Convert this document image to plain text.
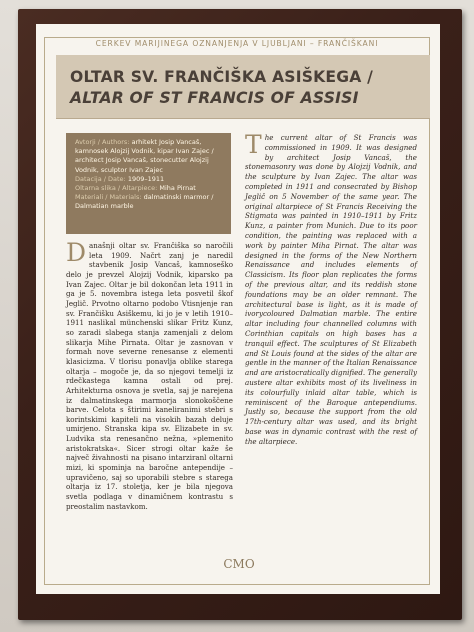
CERKEV MARIJINEGA OZNANJENJA V LJUBLJANI – FRANČIŠKANI
OLTAR SV. FRANČIŠKA ASIŠKEGA /
ALTAR OF ST FRANCIS OF ASSISI

Avtorji / Authors: arhitekt Josip Vancaš, kamnosek Alojzij Vodnik, kipar Ivan Zajec / architect Josip Vancaš, stonecutter Alojzij Vodnik, sculptor Ivan Zajec

Datacija / Date: 1909–1911

Oltarna slika / Altarpiece: Miha Pirnat

Materiali / Materials: dalmatinski marmor / Dalmatian marble

Današnji oltar sv. Frančiška so naročili leta 1909. Načrt zanj je naredil stavbenik Josip Vancaš, kamnoseško delo je prevzel Alojzij Vodnik, kiparsko pa Ivan Zajec. Oltar je bil dokončan leta 1911 in ga je 5. novembra istega leta posvetil škof Jeglič. Prvotno oltarno podobo Vtisnjenje ran sv. Frančišku Asiškemu, ki jo je v letih 1910–1911 naslikal münchenski slikar Fritz Kunz, so zaradi slabega stanja zamenjali z delom slikarja Mihe Pirnata. Oltar je zasnovan v formah nove severne renesanse z elementi klasicizma. V tlorisu ponavlja oblike starega oltarja – mogoče je, da so njegovi temelji iz rdečkastega kamna ostali od prej. Arhitekturna osnova je svetla, saj je narejena iz dalmatinskega marmorja slonokoščene barve. Celota s štirimi kaneliranimi stebri s korintskimi kapiteli na visokih bazah deluje umirjeno. Stranska kipa sv. Elizabete in sv. Ludvika sta renesančno nežna, »plemenito aristokratska«. Sicer strogi oltar kaže še največ živahnosti na pisano intarziranl oltarni mizi, ki spominja na baročne antependije – upravičeno, saj so uporabili stebre s starega oltarja iz 17. stoletja, ker je bila njegova svetla podlaga v dinamičnem kontrastu s preostalim nastavkom.
The current altar of St Francis was commissioned in 1909. It was designed by architect Josip Vancaš, the stonemasonry was done by Alojzij Vodnik, and the sculpture by Ivan Zajec. The altar was completed in 1911 and consecrated by Bishop Jeglič on 5 November of the same year. The original altarpiece of St Francis Receiving the Stigmata was painted in 1910–1911 by Fritz Kunz, a painter from Munich. Due to its poor condition, the painting was replaced with a work by painter Miha Pirnat. The altar was designed in the forms of the New Northern Renaissance and includes elements of Classicism. Its floor plan replicates the forms of the previous altar, and its reddish stone foundations may be an older remnant. The architectural base is light, as it is made of ivorycoloured Dalmatian marble. The entire altar including four channelled columns with Corinthian capitals on high bases has a tranquil effect. The sculptures of St Elizabeth and St Louis found at the sides of the altar are gentle in the manner of the Italian Renaissance and are aristocratically dignified. The generally austere altar exhibits most of its liveliness in its colourfully inlaid altar table, which is reminiscent of the Baroque antependiums. Justly so, because the support from the old 17th-century altar was used, and its bright base was in dynamic contrast with the rest of the altarpiece.
CMO
